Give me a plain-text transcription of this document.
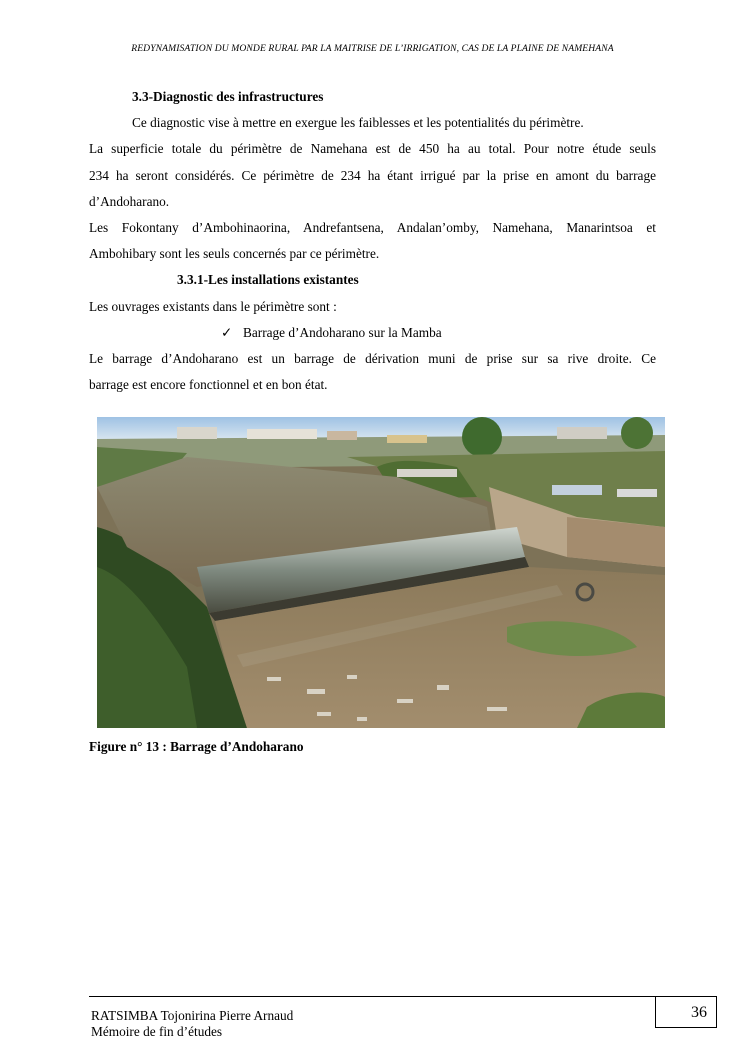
REDYNAMISATION DU MONDE RURAL PAR LA MAITRISE DE L’IRRIGATION, CAS DE LA PLAINE DE NAMEHANA

3.3-Diagnostic des infrastructures

Ce diagnostic vise à mettre en exergue les faiblesses et les potentialités du périmètre.

La superficie totale du périmètre de Namehana est de 450 ha au total. Pour notre étude seuls

234 ha seront considérés. Ce périmètre de 234 ha étant irrigué par la prise en amont du barrage

d’Andoharano.

Les Fokontany d’Ambohinaorina, Andrefantsena, Andalan’omby, Namehana, Manarintsoa et

Ambohibary sont les seuls concernés par ce périmètre.

3.3.1-Les installations existantes

Les ouvrages existants dans le périmètre sont :

✓ Barrage d’Andoharano sur la Mamba

Le barrage d’Andoharano est un barrage de dérivation muni de prise sur sa rive droite. Ce

barrage est encore fonctionnel et en bon état.

Figure n° 13 : Barrage d’Andoharano
RATSIMBA Tojonirina Pierre Arnaud
Mémoire de fin d’études
36
